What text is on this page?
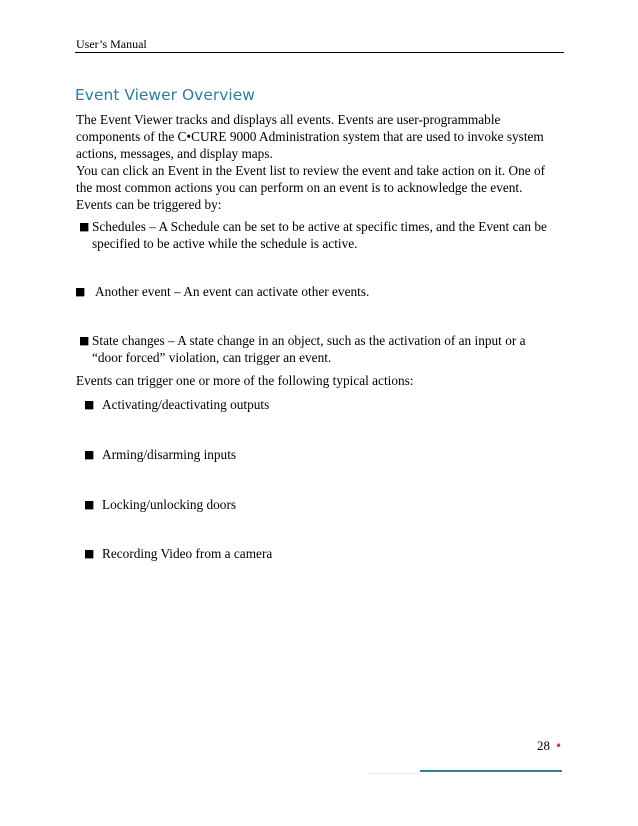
User’s Manual
Event Viewer Overview

The Event Viewer tracks and displays all events. Events are user-programmable components of the C•CURE 9000 Administration system that are used to invoke system actions, messages, and display maps.

You can click an Event in the Event list to review the event and take action on it. One of the most common actions you can perform on an event is to acknowledge the event.

Events can be triggered by:

■ Schedules – A Schedule can be set to be active at specific times, and the Event can be specified to be active while the schedule is active.
■ Another event – An event can activate other events.
■ State changes – A state change in an object, such as the activation of an input or a “door forced” violation, can trigger an event.

Events can trigger one or more of the following typical actions:

■ Activating/deactivating outputs
■ Arming/disarming inputs
■ Locking/unlocking doors
■ Recording Video from a camera
28 •
